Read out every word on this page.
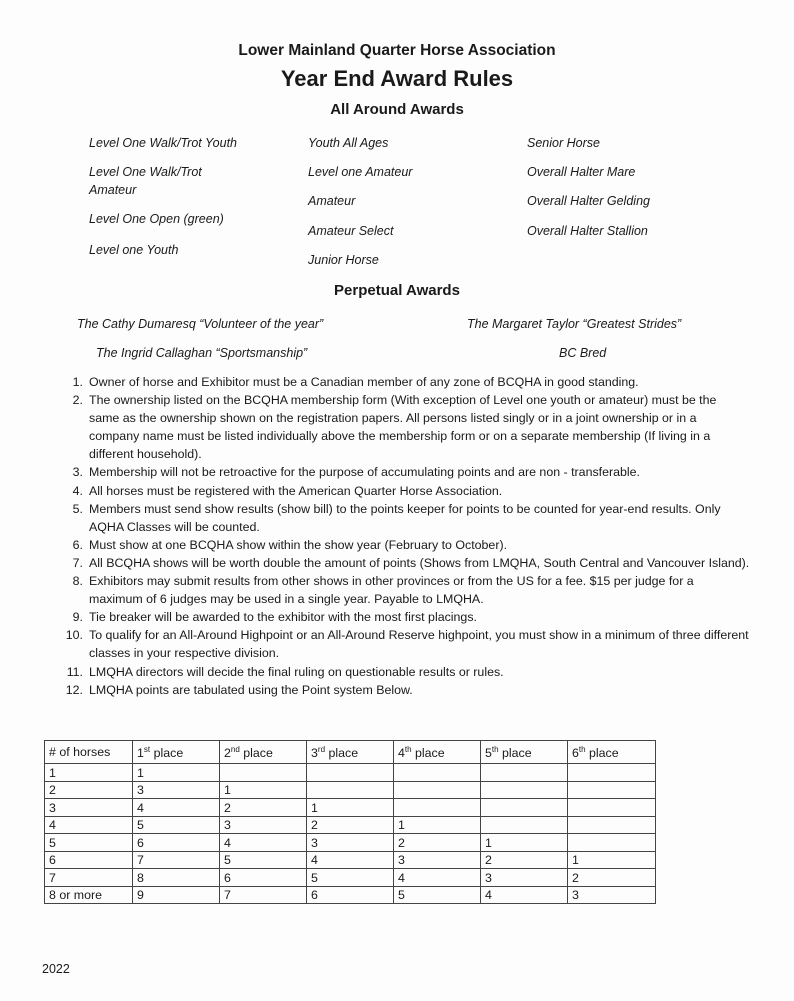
Lower Mainland Quarter Horse Association
Year End Award Rules
All Around Awards
Level One Walk/Trot Youth
Level One Walk/Trot
Amateur
Level One Open (green)
Level one Youth
Youth All Ages
Level one Amateur
Amateur
Amateur Select
Junior Horse
Senior Horse
Overall Halter Mare
Overall Halter Gelding
Overall Halter Stallion
Perpetual Awards
The Cathy Dumaresq “Volunteer of the year”	The Margaret Taylor “Greatest Strides”
The Ingrid Callaghan “Sportsmanship”	BC Bred
1. Owner of horse and Exhibitor must be a Canadian member of any zone of BCQHA in good standing.
2. The ownership listed on the BCQHA membership form (With exception of Level one youth or amateur) must be the same as the ownership shown on the registration papers. All persons listed singly or in a joint ownership or in a company name must be listed individually above the membership form or on a separate membership (If living in a different household).
3. Membership will not be retroactive for the purpose of accumulating points and are non - transferable.
4. All horses must be registered with the American Quarter Horse Association.
5. Members must send show results (show bill) to the points keeper for points to be counted for year-end results. Only AQHA Classes will be counted.
6. Must show at one BCQHA show within the show year (February to October).
7. All BCQHA shows will be worth double the amount of points (Shows from LMQHA, South Central and Vancouver Island).
8. Exhibitors may submit results from other shows in other provinces or from the US for a fee. $15 per judge for a maximum of 6 judges may be used in a single year. Payable to LMQHA.
9. Tie breaker will be awarded to the exhibitor with the most first placings.
10. To qualify for an All-Around Highpoint or an All-Around Reserve highpoint, you must show in a minimum of three different classes in your respective division.
11. LMQHA directors will decide the final ruling on questionable results or rules.
12. LMQHA points are tabulated using the Point system Below.
# of horses	1st place	2nd place	3rd place	4th place	5th place	6th place
1	1					
2	3	1				
3	4	2	1			
4	5	3	2	1		
5	6	4	3	2	1	
6	7	5	4	3	2	1
7	8	6	5	4	3	2
8 or more	9	7	6	5	4	3
2022
